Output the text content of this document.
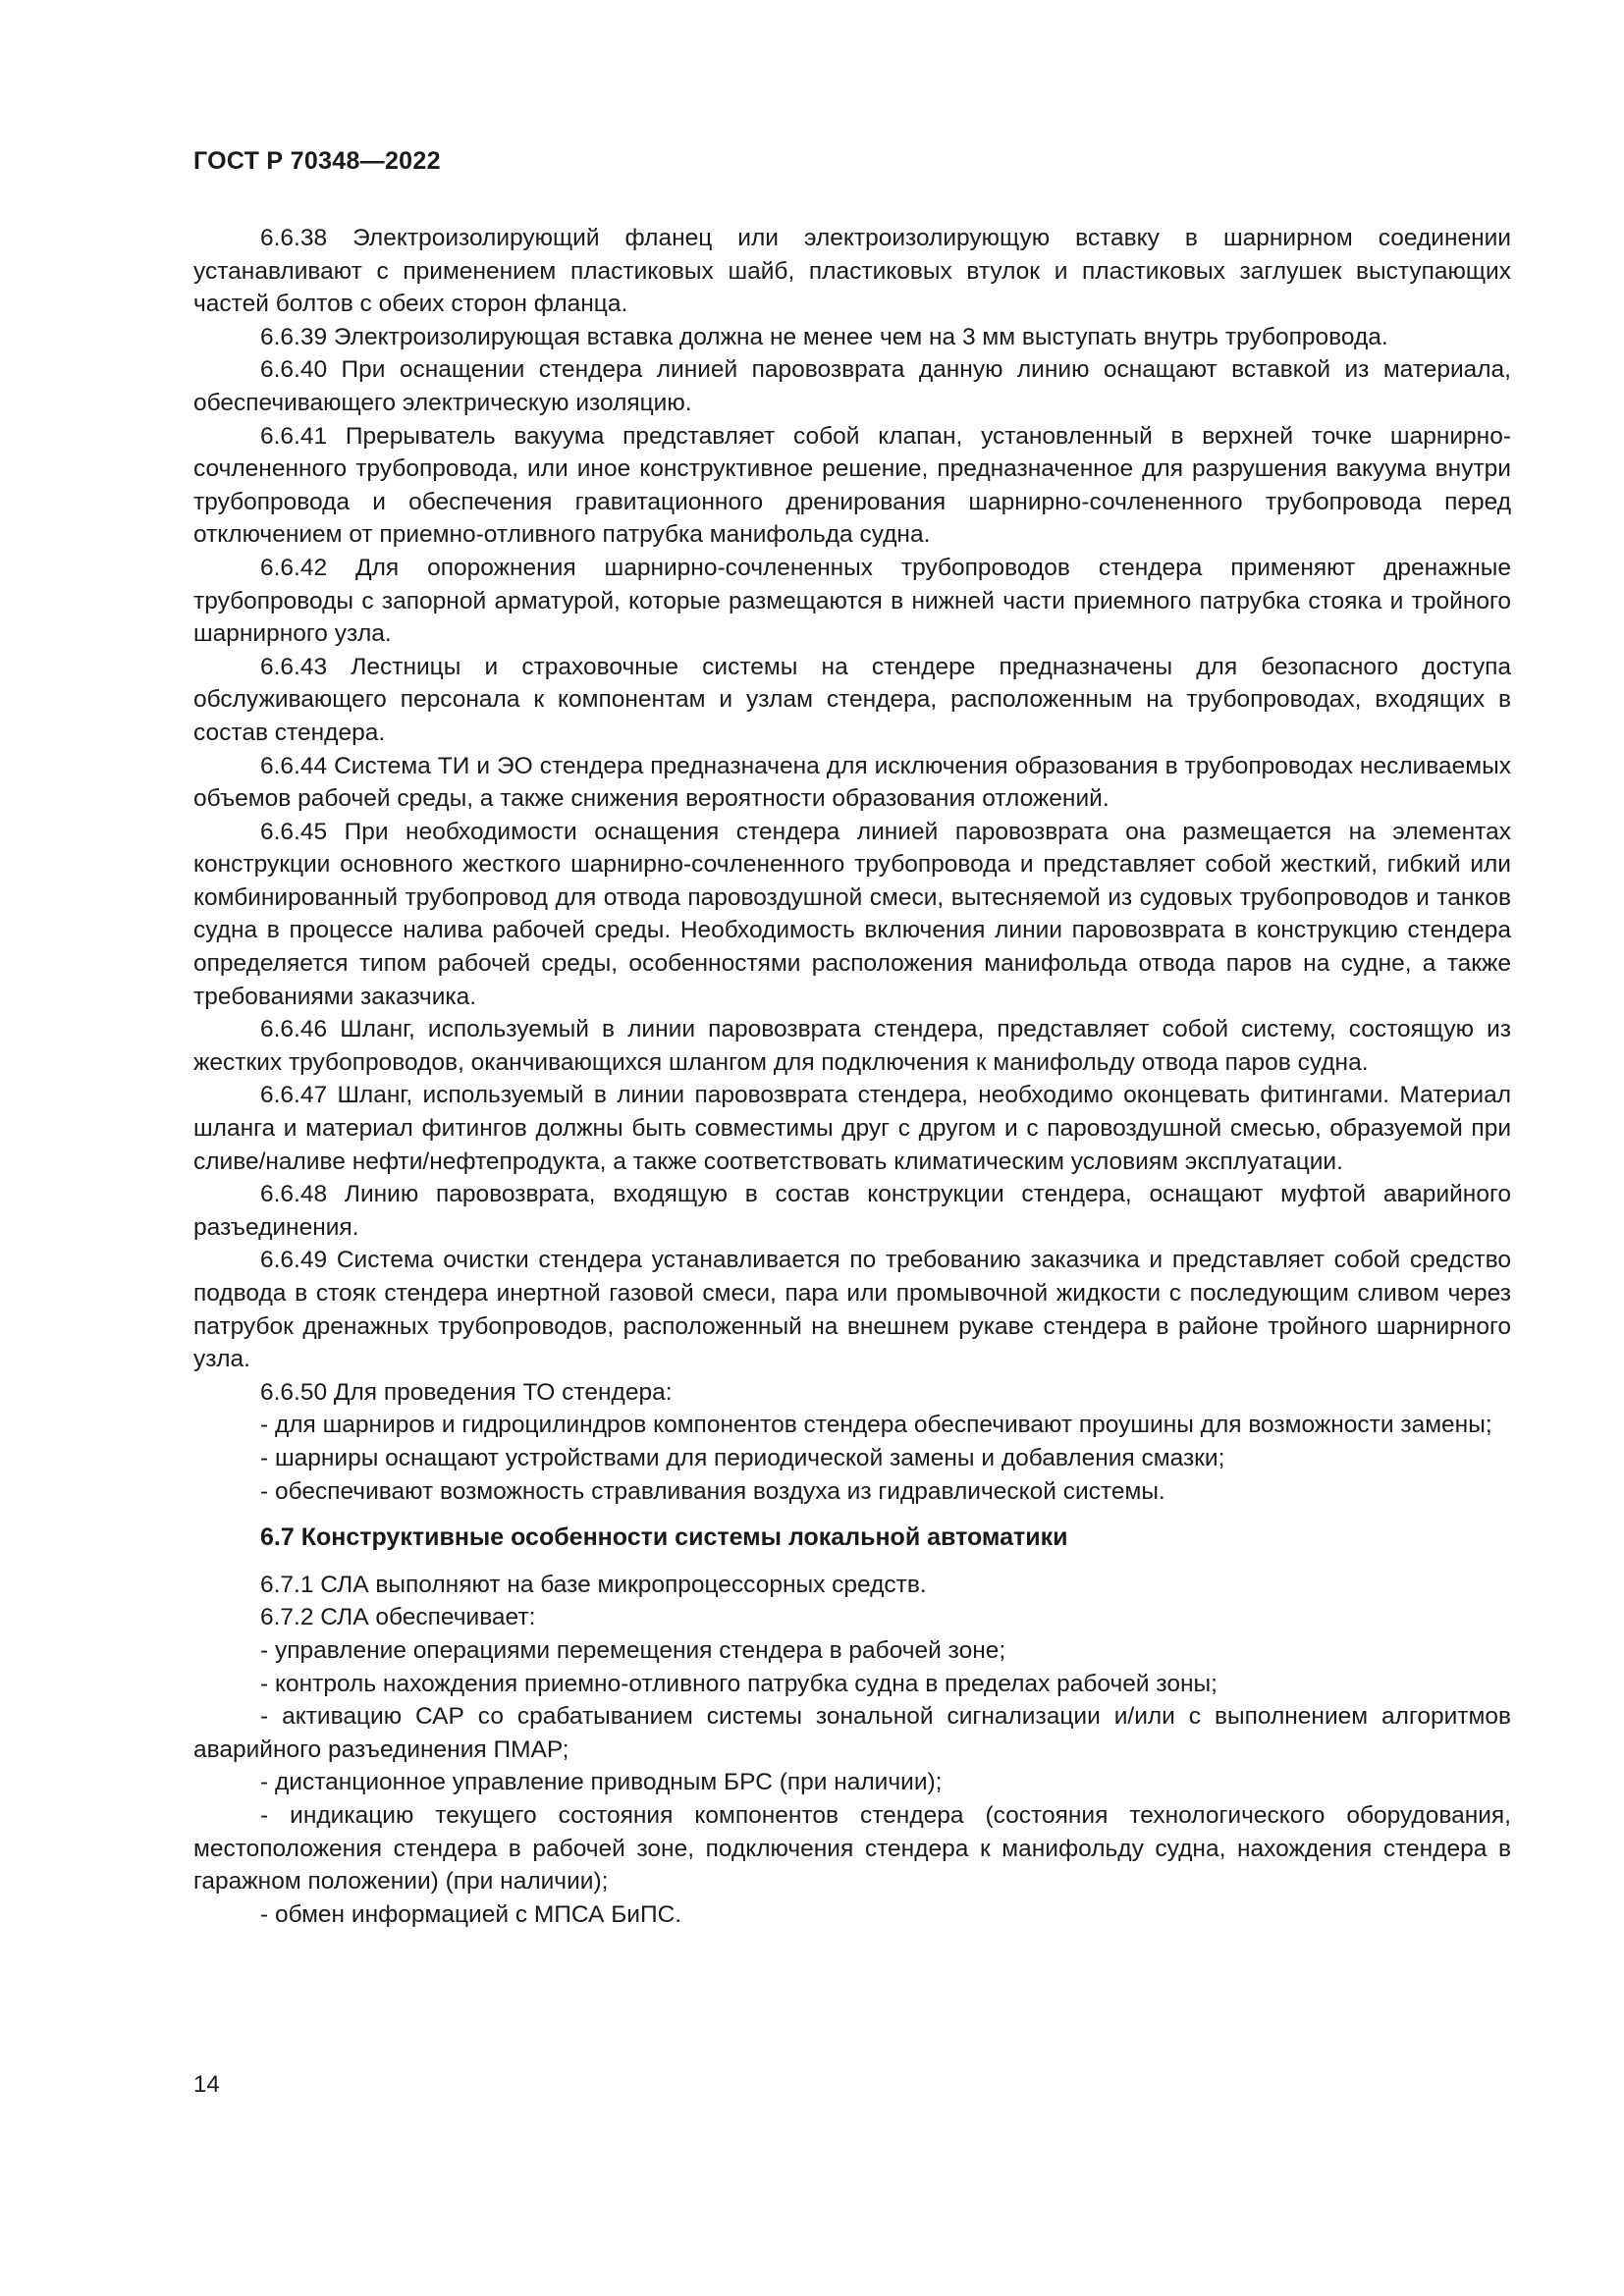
ГОСТ Р 70348—2022

6.6.38 Электроизолирующий фланец или электроизолирующую вставку в шарнирном соединении устанавливают с применением пластиковых шайб, пластиковых втулок и пластиковых заглушек выступающих частей болтов с обеих сторон фланца.

6.6.39 Электроизолирующая вставка должна не менее чем на 3 мм выступать внутрь трубопровода.

6.6.40 При оснащении стендера линией паровозврата данную линию оснащают вставкой из материала, обеспечивающего электрическую изоляцию.

6.6.41 Прерыватель вакуума представляет собой клапан, установленный в верхней точке шарнирно-сочлененного трубопровода, или иное конструктивное решение, предназначенное для разрушения вакуума внутри трубопровода и обеспечения гравитационного дренирования шарнирно-сочлененного трубопровода перед отключением от приемно-отливного патрубка манифольда судна.

6.6.42 Для опорожнения шарнирно-сочлененных трубопроводов стендера применяют дренажные трубопроводы с запорной арматурой, которые размещаются в нижней части приемного патрубка стояка и тройного шарнирного узла.

6.6.43 Лестницы и страховочные системы на стендере предназначены для безопасного доступа обслуживающего персонала к компонентам и узлам стендера, расположенным на трубопроводах, входящих в состав стендера.

6.6.44 Система ТИ и ЭО стендера предназначена для исключения образования в трубопроводах несливаемых объемов рабочей среды, а также снижения вероятности образования отложений.

6.6.45 При необходимости оснащения стендера линией паровозврата она размещается на элементах конструкции основного жесткого шарнирно-сочлененного трубопровода и представляет собой жесткий, гибкий или комбинированный трубопровод для отвода паровоздушной смеси, вытесняемой из судовых трубопроводов и танков судна в процессе налива рабочей среды. Необходимость включения линии паровозврата в конструкцию стендера определяется типом рабочей среды, особенностями расположения манифольда отвода паров на судне, а также требованиями заказчика.

6.6.46 Шланг, используемый в линии паровозврата стендера, представляет собой систему, состоящую из жестких трубопроводов, оканчивающихся шлангом для подключения к манифольду отвода паров судна.

6.6.47 Шланг, используемый в линии паровозврата стендера, необходимо оконцевать фитингами. Материал шланга и материал фитингов должны быть совместимы друг с другом и с паровоздушной смесью, образуемой при сливе/наливе нефти/нефтепродукта, а также соответствовать климатическим условиям эксплуатации.

6.6.48 Линию паровозврата, входящую в состав конструкции стендера, оснащают муфтой аварийного разъединения.

6.6.49 Система очистки стендера устанавливается по требованию заказчика и представляет собой средство подвода в стояк стендера инертной газовой смеси, пара или промывочной жидкости с последующим сливом через патрубок дренажных трубопроводов, расположенный на внешнем рукаве стендера в районе тройного шарнирного узла.

6.6.50 Для проведения ТО стендера:

- для шарниров и гидроцилиндров компонентов стендера обеспечивают проушины для возможности замены;

- шарниры оснащают устройствами для периодической замены и добавления смазки;

- обеспечивают возможность стравливания воздуха из гидравлической системы.

6.7 Конструктивные особенности системы локальной автоматики

6.7.1 СЛА выполняют на базе микропроцессорных средств.

6.7.2 СЛА обеспечивает:

- управление операциями перемещения стендера в рабочей зоне;

- контроль нахождения приемно-отливного патрубка судна в пределах рабочей зоны;

- активацию САР со срабатыванием системы зональной сигнализации и/или с выполнением алгоритмов аварийного разъединения ПМАР;

- дистанционное управление приводным БРС (при наличии);

- индикацию текущего состояния компонентов стендера (состояния технологического оборудования, местоположения стендера в рабочей зоне, подключения стендера к манифольду судна, нахождения стендера в гаражном положении) (при наличии);

- обмен информацией с МПСА БиПС.

14
